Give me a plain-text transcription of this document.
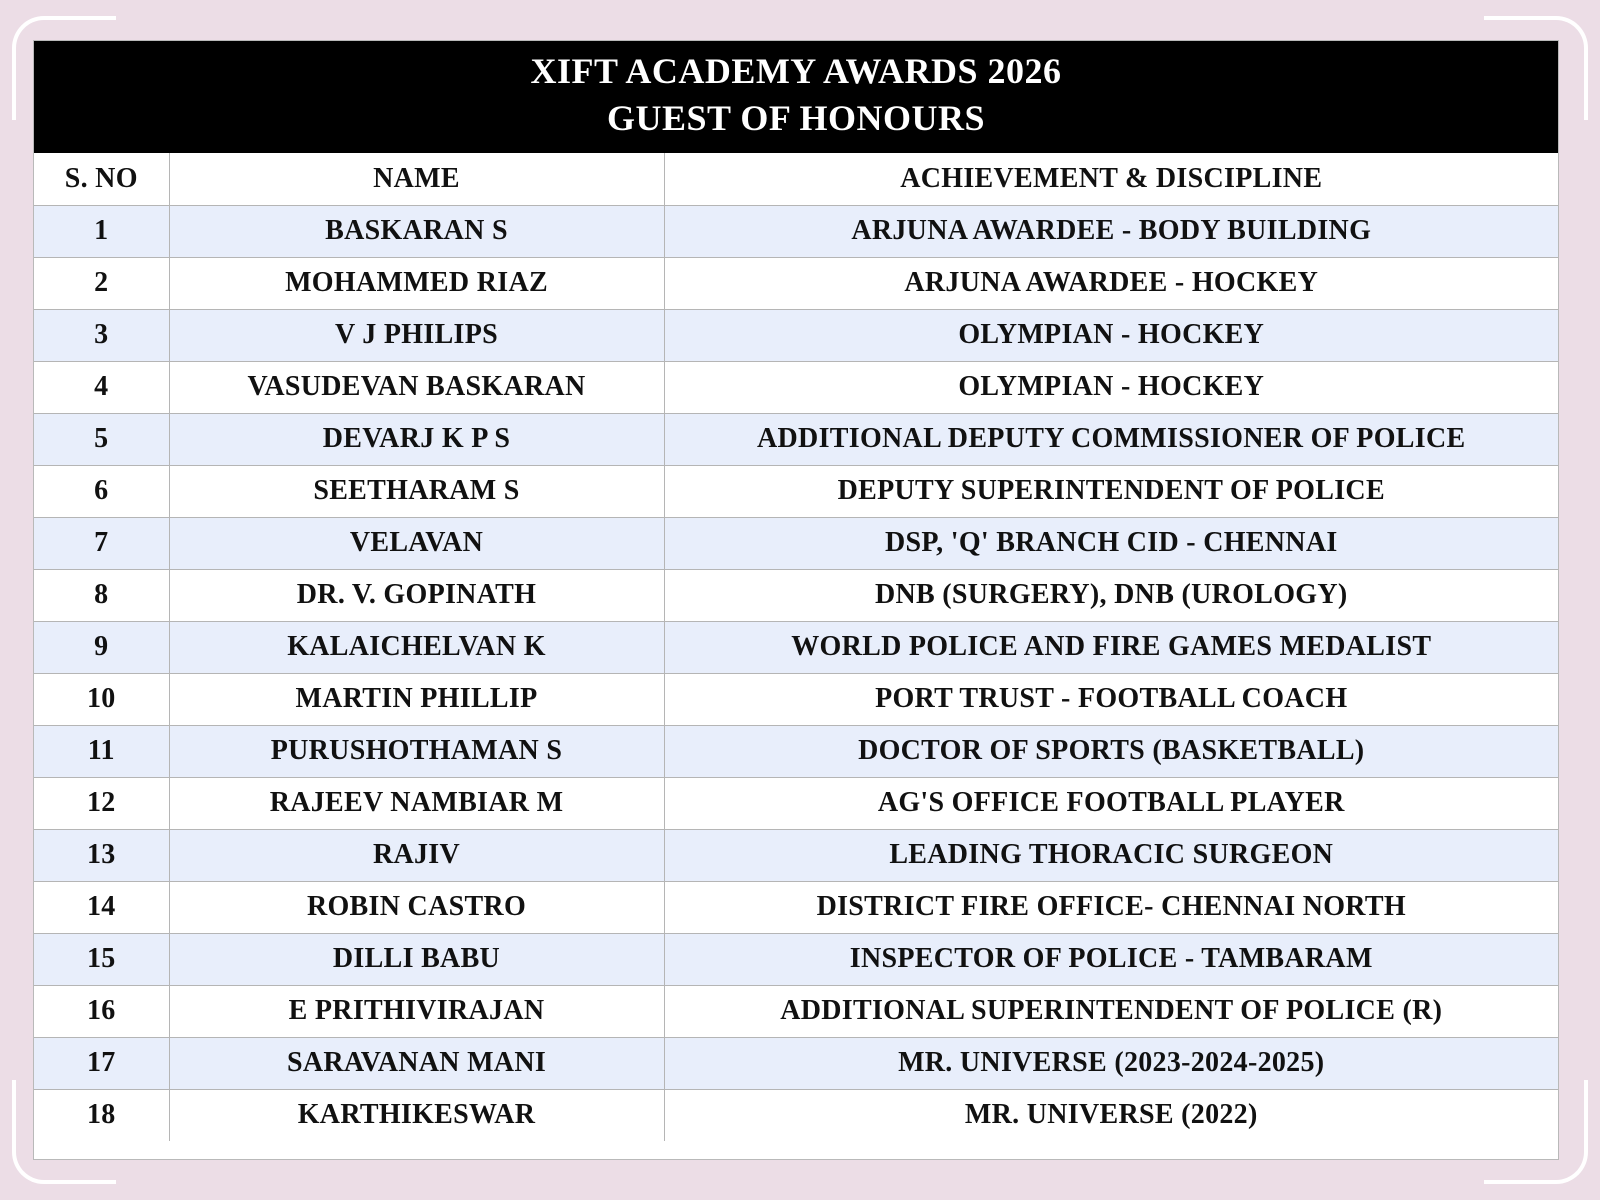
XIFT ACADEMY AWARDS 2026
GUEST OF HONOURS
S. NO	NAME	ACHIEVEMENT & DISCIPLINE
1	BASKARAN S	ARJUNA AWARDEE - BODY BUILDING
2	MOHAMMED RIAZ	ARJUNA AWARDEE - HOCKEY
3	V J PHILIPS	OLYMPIAN - HOCKEY
4	VASUDEVAN BASKARAN	OLYMPIAN - HOCKEY
5	DEVARJ K P S	ADDITIONAL DEPUTY COMMISSIONER OF POLICE
6	SEETHARAM S	DEPUTY SUPERINTENDENT OF POLICE
7	VELAVAN	DSP, 'Q' BRANCH CID - CHENNAI
8	DR. V. GOPINATH	DNB (SURGERY), DNB (UROLOGY)
9	KALAICHELVAN K	WORLD POLICE AND FIRE GAMES MEDALIST
10	MARTIN PHILLIP	PORT TRUST - FOOTBALL COACH
11	PURUSHOTHAMAN S	DOCTOR OF SPORTS (BASKETBALL)
12	RAJEEV NAMBIAR M	AG'S OFFICE FOOTBALL PLAYER
13	RAJIV	LEADING THORACIC SURGEON
14	ROBIN CASTRO	DISTRICT FIRE OFFICE- CHENNAI NORTH
15	DILLI BABU	INSPECTOR OF POLICE - TAMBARAM
16	E PRITHIVIRAJAN	ADDITIONAL SUPERINTENDENT OF POLICE (R)
17	SARAVANAN MANI	MR. UNIVERSE (2023-2024-2025)
18	KARTHIKESWAR	MR. UNIVERSE (2022)
